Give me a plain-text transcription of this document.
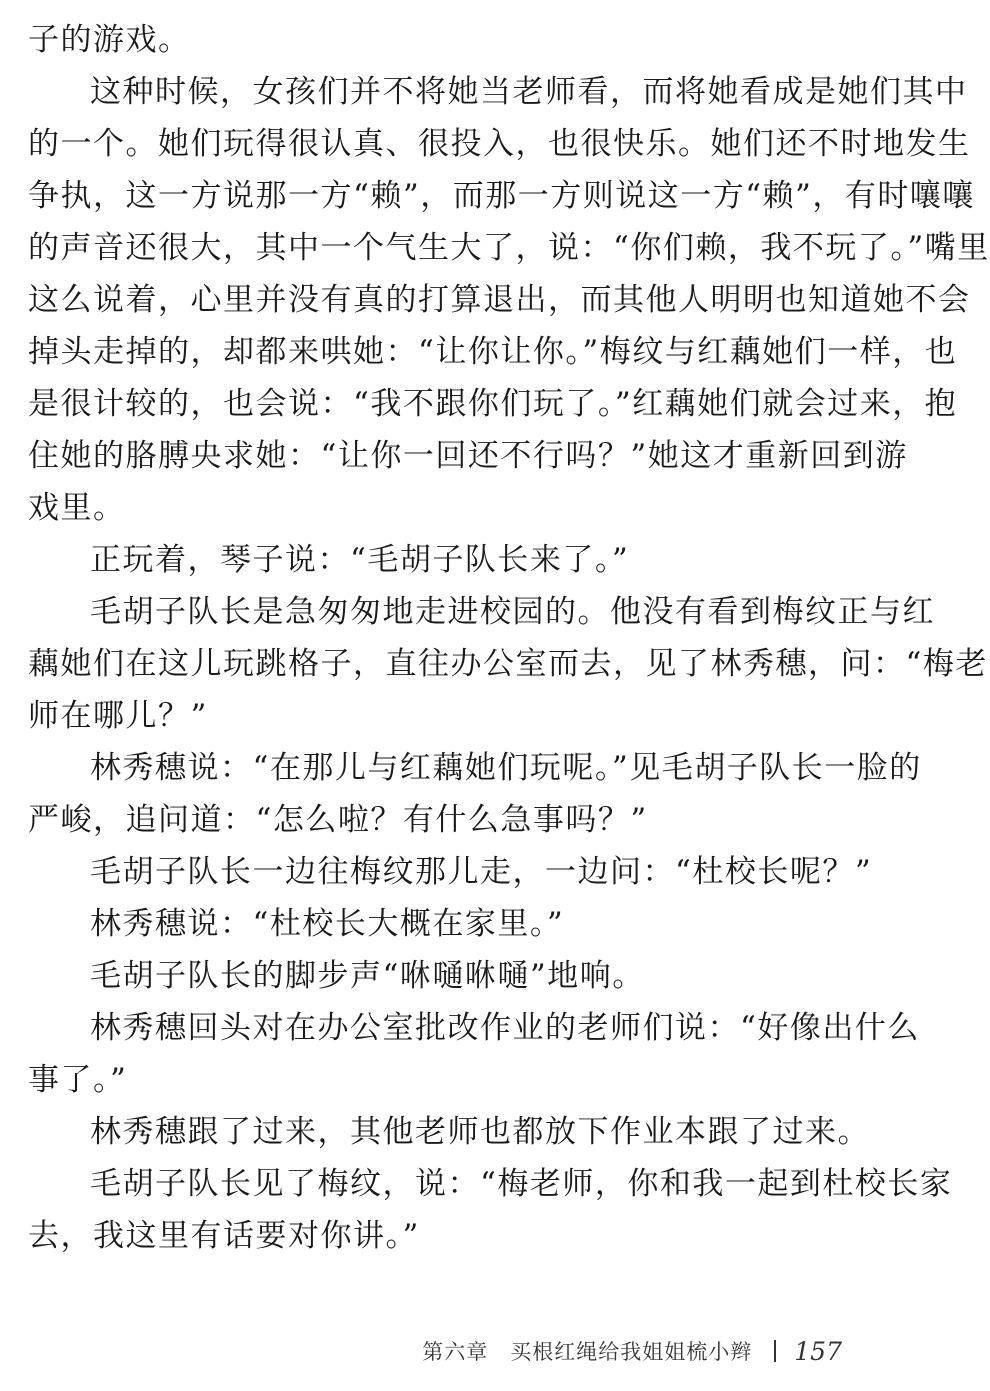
子的游戏。
这种时候，女孩们并不将她当老师看，而将她看成是她们其中
的一个。她们玩得很认真、很投入，也很快乐。她们还不时地发生
争执，这一方说那一方“赖”，而那一方则说这一方“赖”，有时嚷嚷
的声音还很大，其中一个气生大了，说：“你们赖，我不玩了。”嘴里
这么说着，心里并没有真的打算退出，而其他人明明也知道她不会
掉头走掉的，却都来哄她：“让你让你。”梅纹与红藕她们一样，也
是很计较的，也会说：“我不跟你们玩了。”红藕她们就会过来，抱
住她的胳膊央求她：“让你一回还不行吗？”她这才重新回到游
戏里。
正玩着，琴子说：“毛胡子队长来了。”
毛胡子队长是急匆匆地走进校园的。他没有看到梅纹正与红
藕她们在这儿玩跳格子，直往办公室而去，见了林秀穗，问：“梅老
师在哪儿？”
林秀穗说：“在那儿与红藕她们玩呢。”见毛胡子队长一脸的
严峻，追问道：“怎么啦？有什么急事吗？”
毛胡子队长一边往梅纹那儿走，一边问：“杜校长呢？”
林秀穗说：“杜校长大概在家里。”
毛胡子队长的脚步声“咻嗵咻嗵”地响。
林秀穗回头对在办公室批改作业的老师们说：“好像出什么
事了。”
林秀穗跟了过来，其他老师也都放下作业本跟了过来。
毛胡子队长见了梅纹，说：“梅老师，你和我一起到杜校长家
去，我这里有话要对你讲。”
第六章　买根红绳给我姐姐梳小辫 157
